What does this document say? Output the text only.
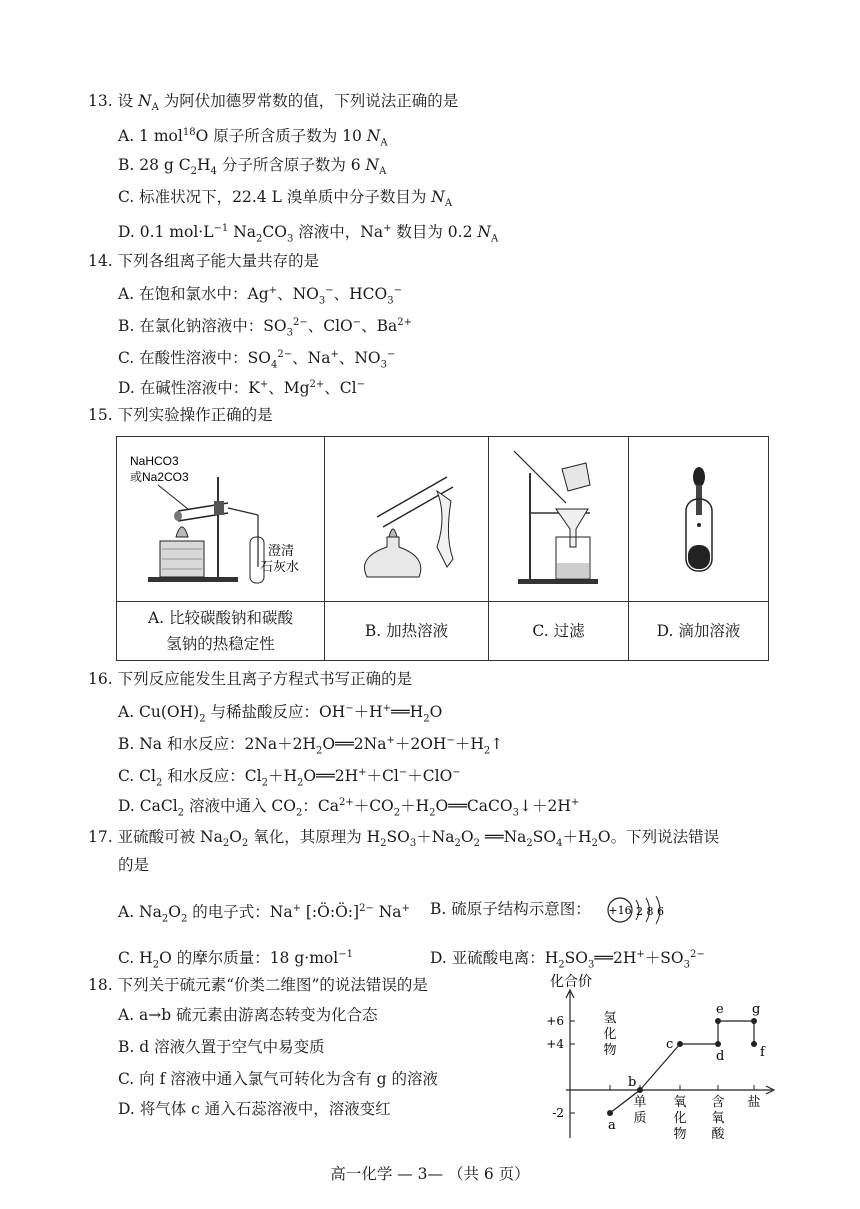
13. 设 $N_A$ 为阿伏加德罗常数的值，下列说法正确的是
A. 1 mol$^{18}$O 原子所含质子数为 10 $N_A$
B. 28 g $C_2H_4$ 分子所含原子数为 6 $N_A$
C. 标准状况下，22.4 L 溴单质中分子数目为 $N_A$
D. 0.1 $mol\cdot L^{-1}$ $Na_2CO_3$ 溶液中，Na+ 数目为 0.2 $N_A$
14. 下列各组离子能大量共存的是
A. 在饱和氯水中：Ag+、$NO_3^-$、$HCO_3^-$
B. 在氯化钠溶液中：$SO_3^{2-}$、ClO−、$Ba^{2+}$
C. 在酸性溶液中：$SO_4^{2-}$、Na+、$NO_3^-$
D. 在碱性溶液中：K+、$Mg^{2+}$、Cl−
15. 下列实验操作正确的是
NaHCO3
或Na2CO3
澄清
石灰水

A. 比较碳酸钠和碳酸
氢钠的热稳定性	B. 加热溶液	C. 过滤	D. 滴加溶液
16. 下列反应能发生且离子方程式书写正确的是
A. $Cu(OH)_2$ 与稀盐酸反应：$OH^-+H^+══H_2O$
B. Na 和水反应：$2Na+2H_2O══2Na^++2OH^-+H_2↑$
C. $Cl_2$ 和水反应：$Cl_2+H_2O══2H^++Cl^-+ClO^-$
D. CaCl$_2$ 溶液中通入 $CO_2$：$Ca^{2+}+CO_2+H_2O══CaCO_3↓+2H^+$
17. 亚硫酸可被 $Na_2O_2$ 氧化，其原理为 $H_2SO_3+Na_2O_2$ $══Na_2SO_4+H_2O$。下列说法错误
的是
A. $Na_2O_2$ 的电子式：Na+ [:Ö:Ö:]$^{2-}$ Na+ B. 硫原子结构示意图： +16 2 8 6
C. $H_2O$ 的摩尔质量：18 g·mol$^{-1}$	D. 亚硫酸电离：$H_2SO_3══2H^++SO_3^{2-}$
18. 下列关于硫元素“价类二维图”的说法错误的是
A. a→b 硫元素由游离态转变为化合态
B. d 溶液久置于空气中易变质
C. 向 f 溶液中通入氯气可转化为含有 g 的溶液
D. 将气体 c 通入石蕊溶液中，溶液变红
化合价
a
b
c
d
e
f
g
氢
化
物
单
质
氧
化
物
含
氧
酸
盐
+6
+4
-2
高一化学 — 3— （共 6 页）
